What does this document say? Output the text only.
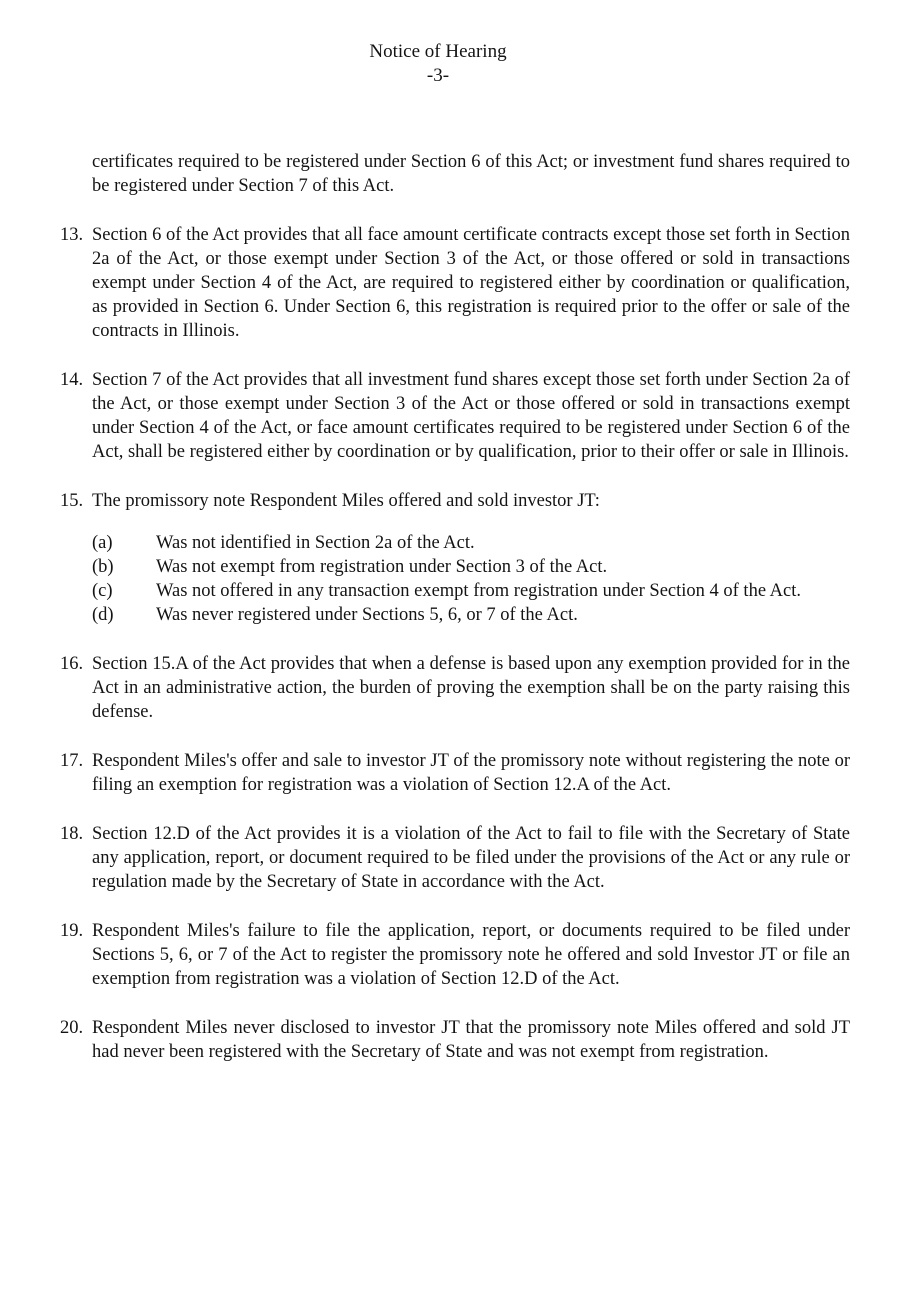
Notice of Hearing
-3-

certificates required to be registered under Section 6 of this Act; or investment fund shares required to be registered under Section 7 of this Act.

13. Section 6 of the Act provides that all face amount certificate contracts except those set forth in Section 2a of the Act, or those exempt under Section 3 of the Act, or those offered or sold in transactions exempt under Section 4 of the Act, are required to registered either by coordination or qualification, as provided in Section 6. Under Section 6, this registration is required prior to the offer or sale of the contracts in Illinois.
14. Section 7 of the Act provides that all investment fund shares except those set forth under Section 2a of the Act, or those exempt under Section 3 of the Act or those offered or sold in transactions exempt under Section 4 of the Act, or face amount certificates required to be registered under Section 6 of the Act, shall be registered either by coordination or by qualification, prior to their offer or sale in Illinois.
15. The promissory note Respondent Miles offered and sold investor JT:
(a)	Was not identified in Section 2a of the Act.
(b)	Was not exempt from registration under Section 3 of the Act.
(c)	Was not offered in any transaction exempt from registration under Section 4 of the Act.
(d)	Was never registered under Sections 5, 6, or 7 of the Act.
16. Section 15.A of the Act provides that when a defense is based upon any exemption provided for in the Act in an administrative action, the burden of proving the exemption shall be on the party raising this defense.
17. Respondent Miles's offer and sale to investor JT of the promissory note without registering the note or filing an exemption for registration was a violation of Section 12.A of the Act.
18. Section 12.D of the Act provides it is a violation of the Act to fail to file with the Secretary of State any application, report, or document required to be filed under the provisions of the Act or any rule or regulation made by the Secretary of State in accordance with the Act.
19. Respondent Miles's failure to file the application, report, or documents required to be filed under Sections 5, 6, or 7 of the Act to register the promissory note he offered and sold Investor JT or file an exemption from registration was a violation of Section 12.D of the Act.
20. Respondent Miles never disclosed to investor JT that the promissory note Miles offered and sold JT had never been registered with the Secretary of State and was not exempt from registration.
